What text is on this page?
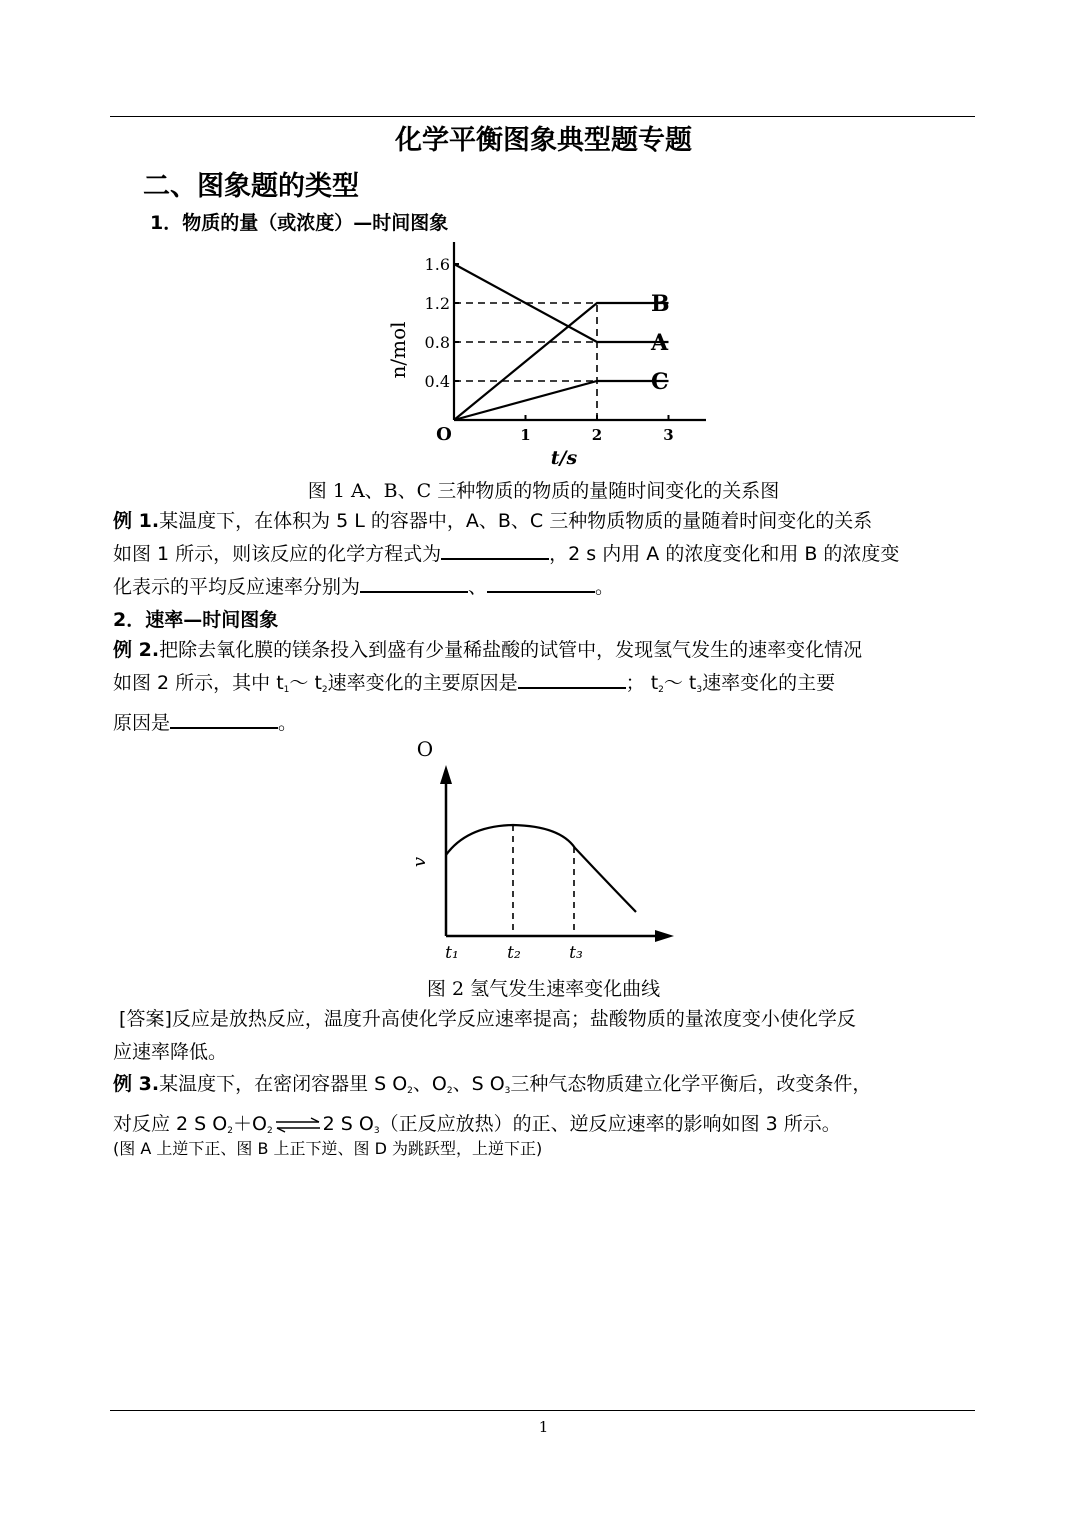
化学平衡图象典型题专题
二、图象题的类型
1．物质的量（或浓度）—时间图象
1	2	3
0.4
0.8
1.2
1.6
O
A
B
C
n/mol
t/s
图 1 A、B、C 三种物质的物质的量随时间变化的关系图
例 1.某温度下，在体积为 5 L 的容器中，A、B、C 三种物质物质的量随着时间变化的关系
如图 1 所示，则该反应的化学方程式为	，2 s 内用 A 的浓度变化和用 B 的浓度变
化表示的平均反应速率分别为	、	。
2．速率—时间图象
例 2.把除去氧化膜的镁条投入到盛有少量稀盐酸的试管中，发现氢气发生的速率变化情况
如图 2 所示，其中 $t_1\sim$ $t_2$速率变化的主要原因是	； $t_2\sim$ $t_3$速率变化的主要
原因是	。
O
v
t₁	t₂	t₃
图 2 氢气发生速率变化曲线
[答案]反应是放热反应，温度升高使化学反应速率提高；盐酸物质的量浓度变小使化学反
应速率降低。
例 3.某温度下，在密闭容器里 S $O_2$、$O_2$、S $O_3$三种气态物质建立化学平衡后，改变条件，
对反应 2 S $O_2+O_2\rightleftharpoons 2$ S $O_3$（正反应放热）的正、逆反应速率的影响如图 3 所示。
(图 A 上逆下正、图 B 上正下逆、图 D 为跳跃型，上逆下正)
1
